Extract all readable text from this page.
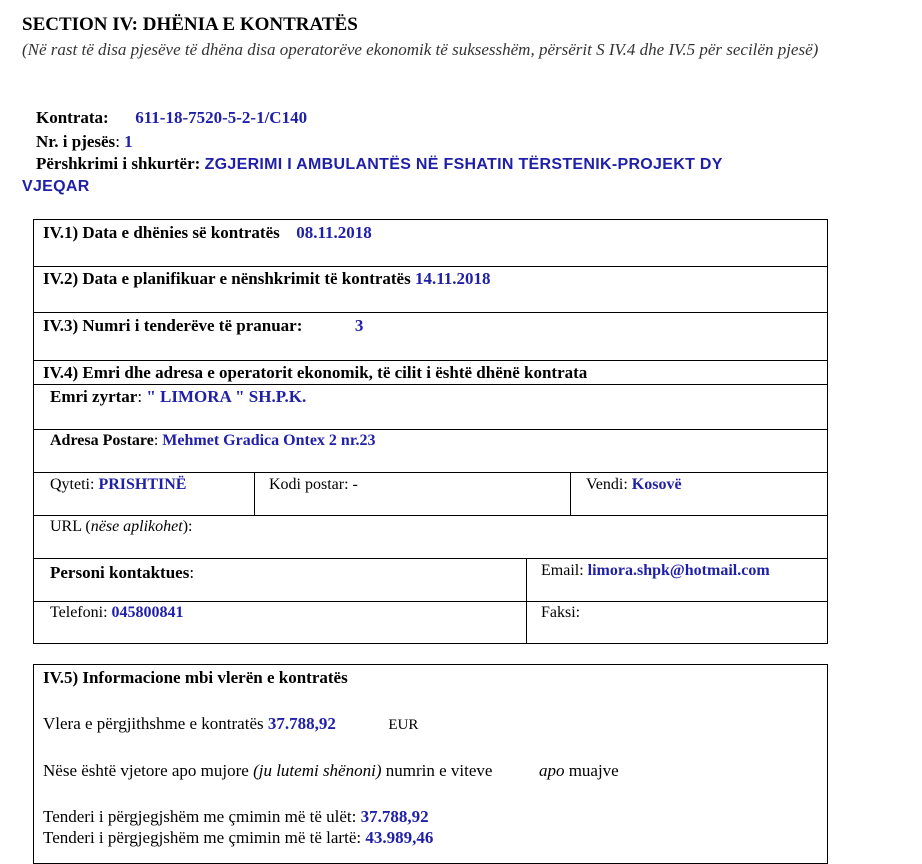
SECTION IV: DHËNIA E KONTRATËS
(Në rast të disa pjesëve të dhëna disa operatorëve ekonomik të suksesshëm, përsërit S IV.4 dhe IV.5 për secilën pjesë)
Kontrata: 611-18-7520-5-2-1/C140
Nr. i pjesës: 1
Përshkrimi i shkurtër: ZGJERIMI I AMBULANTËS NË FSHATIN TËRSTENIK-PROJEKT DY
VJEQAR
IV.1) Data e dhënies së kontratës 08.11.2018
IV.2) Data e planifikuar e nënshkrimit të kontratës 14.11.2018
IV.3) Numri i tenderëve të pranuar:	3
IV.4) Emri dhe adresa e operatorit ekonomik, të cilit i është dhënë kontrata
Emri zyrtar: " LIMORA " SH.P.K.
Adresa Postare: Mehmet Gradica Ontex 2 nr.23
Qyteti: PRISHTINË	Kodi postar: -	Vendi: Kosovë
URL (nëse aplikohet):
Personi kontaktues:	Email: limora.shpk@hotmail.com
Telefoni: 045800841	Faksi:
IV.5) Informacione mbi vlerën e kontratës
Vlera e përgjithshme e kontratës 37.788,92	EUR
Nëse është vjetore apo mujore (ju lutemi shënoni) numrin e viteve	apo muajve
Tenderi i përgjegjshëm me çmimin më të ulët: 37.788,92
Tenderi i përgjegjshëm me çmimin më të lartë: 43.989,46
